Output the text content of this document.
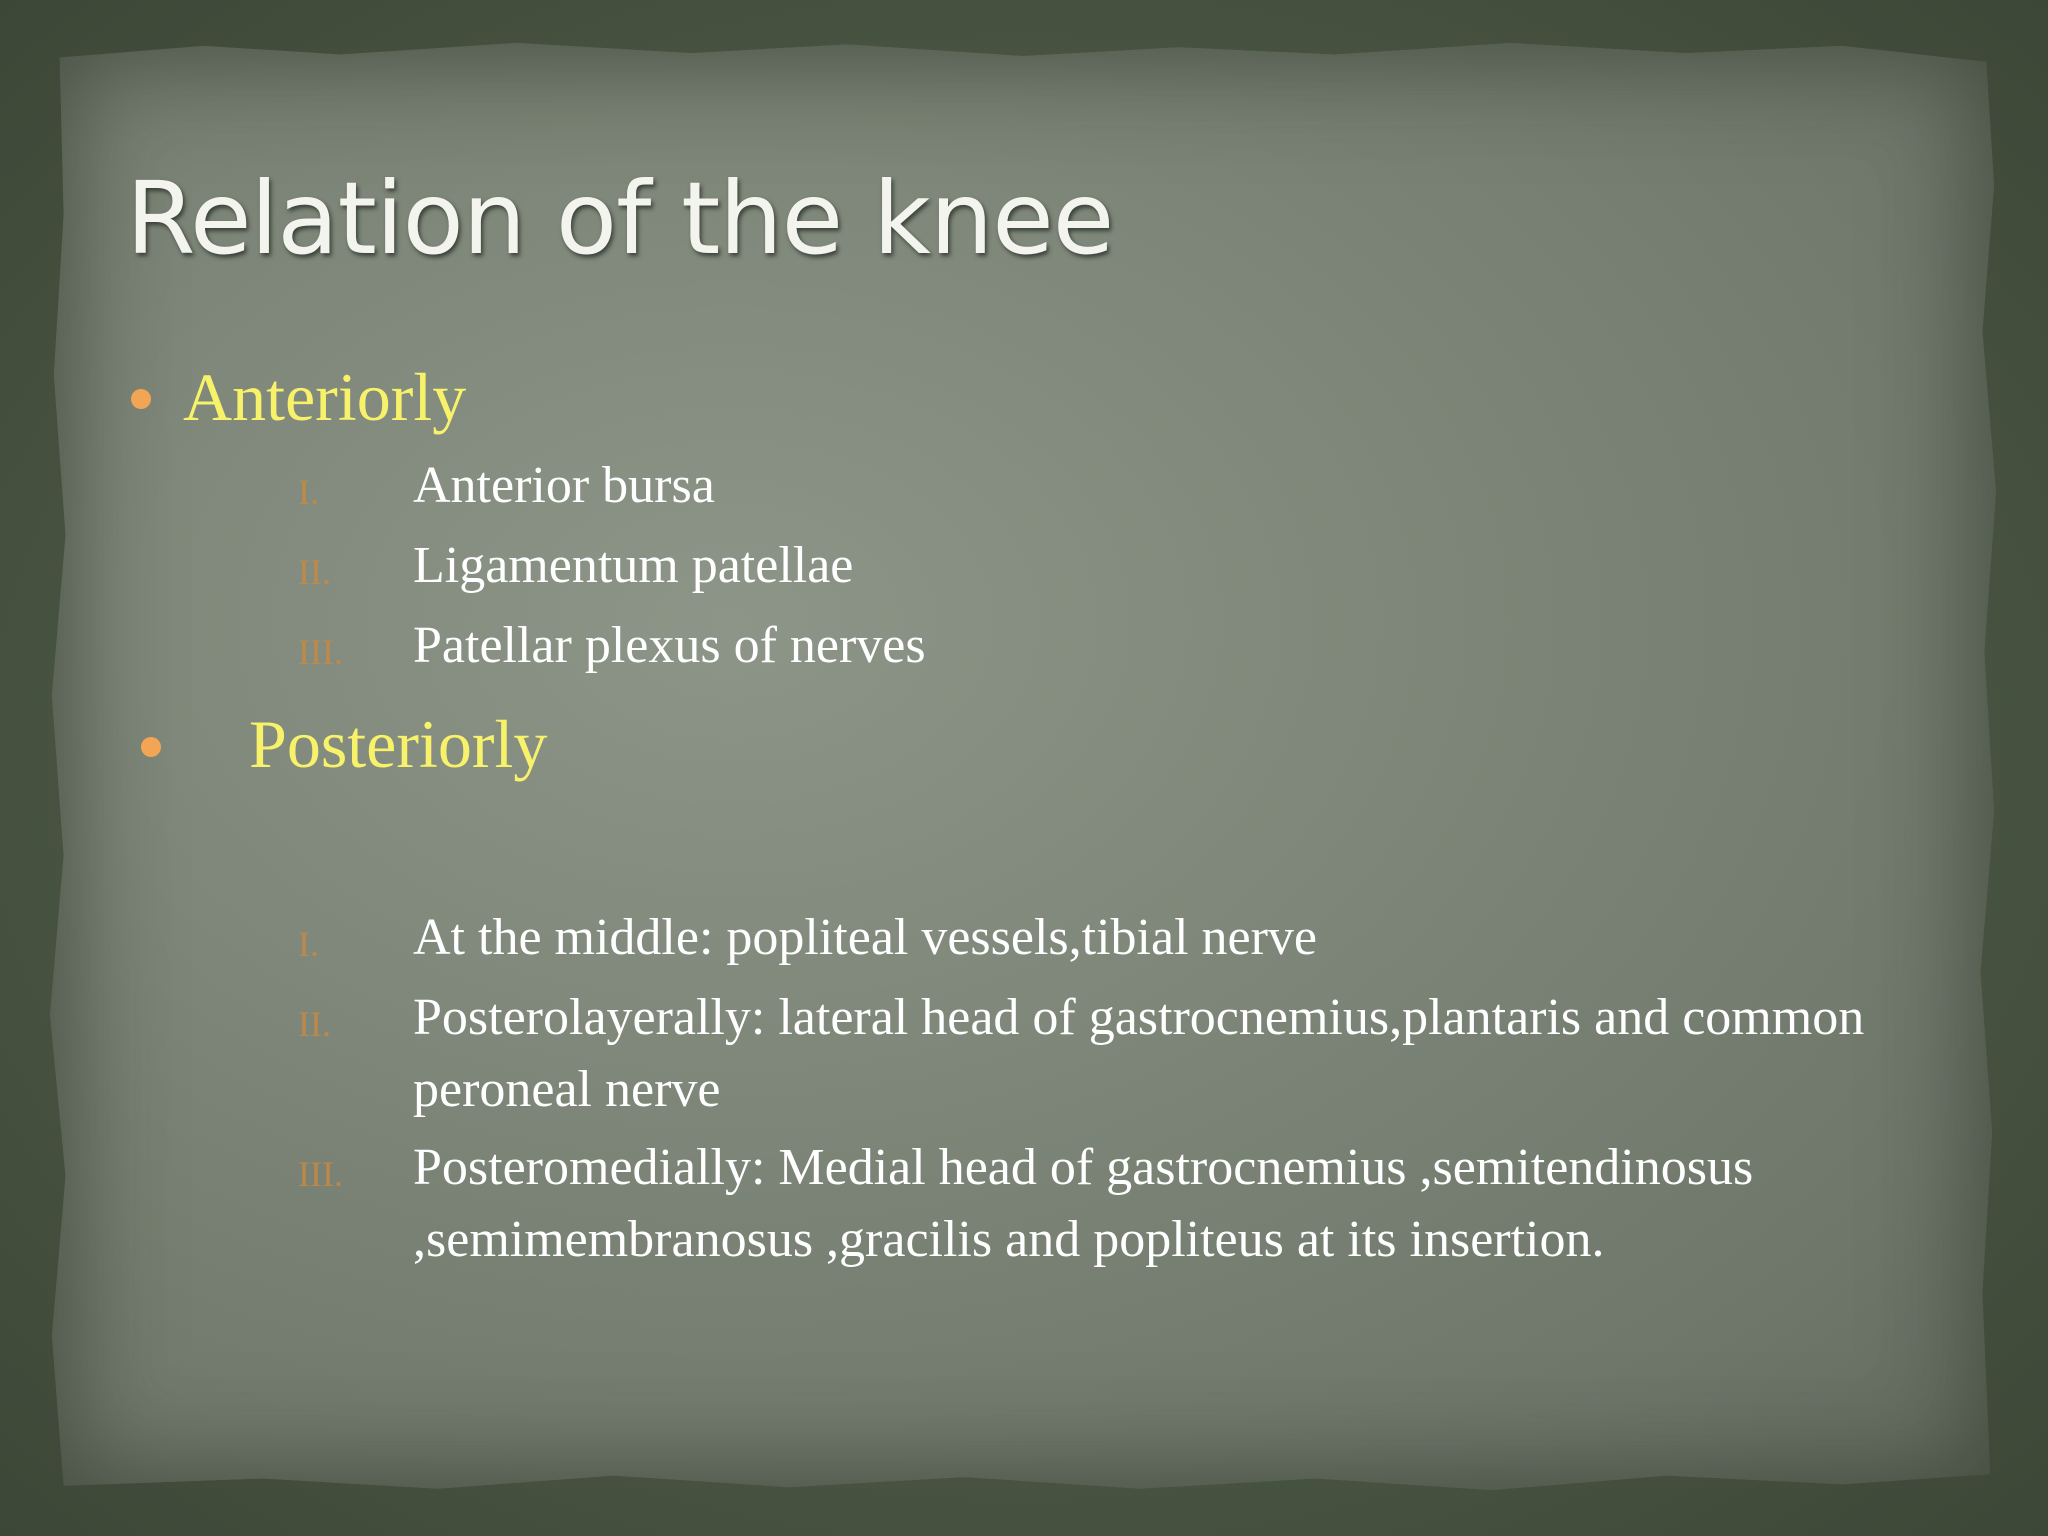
Relation of the knee
Anteriorly
I. Anterior bursa
II. Ligamentum patellae
III. Patellar plexus of nerves
Posteriorly
I. At the middle: popliteal vessels,tibial nerve
II. Posterolayerally: lateral head of gastrocnemius,plantaris and common peroneal nerve
III. Posteromedially: Medial head of gastrocnemius ,semitendinosus ,semimembranosus ,gracilis and popliteus at its insertion.
